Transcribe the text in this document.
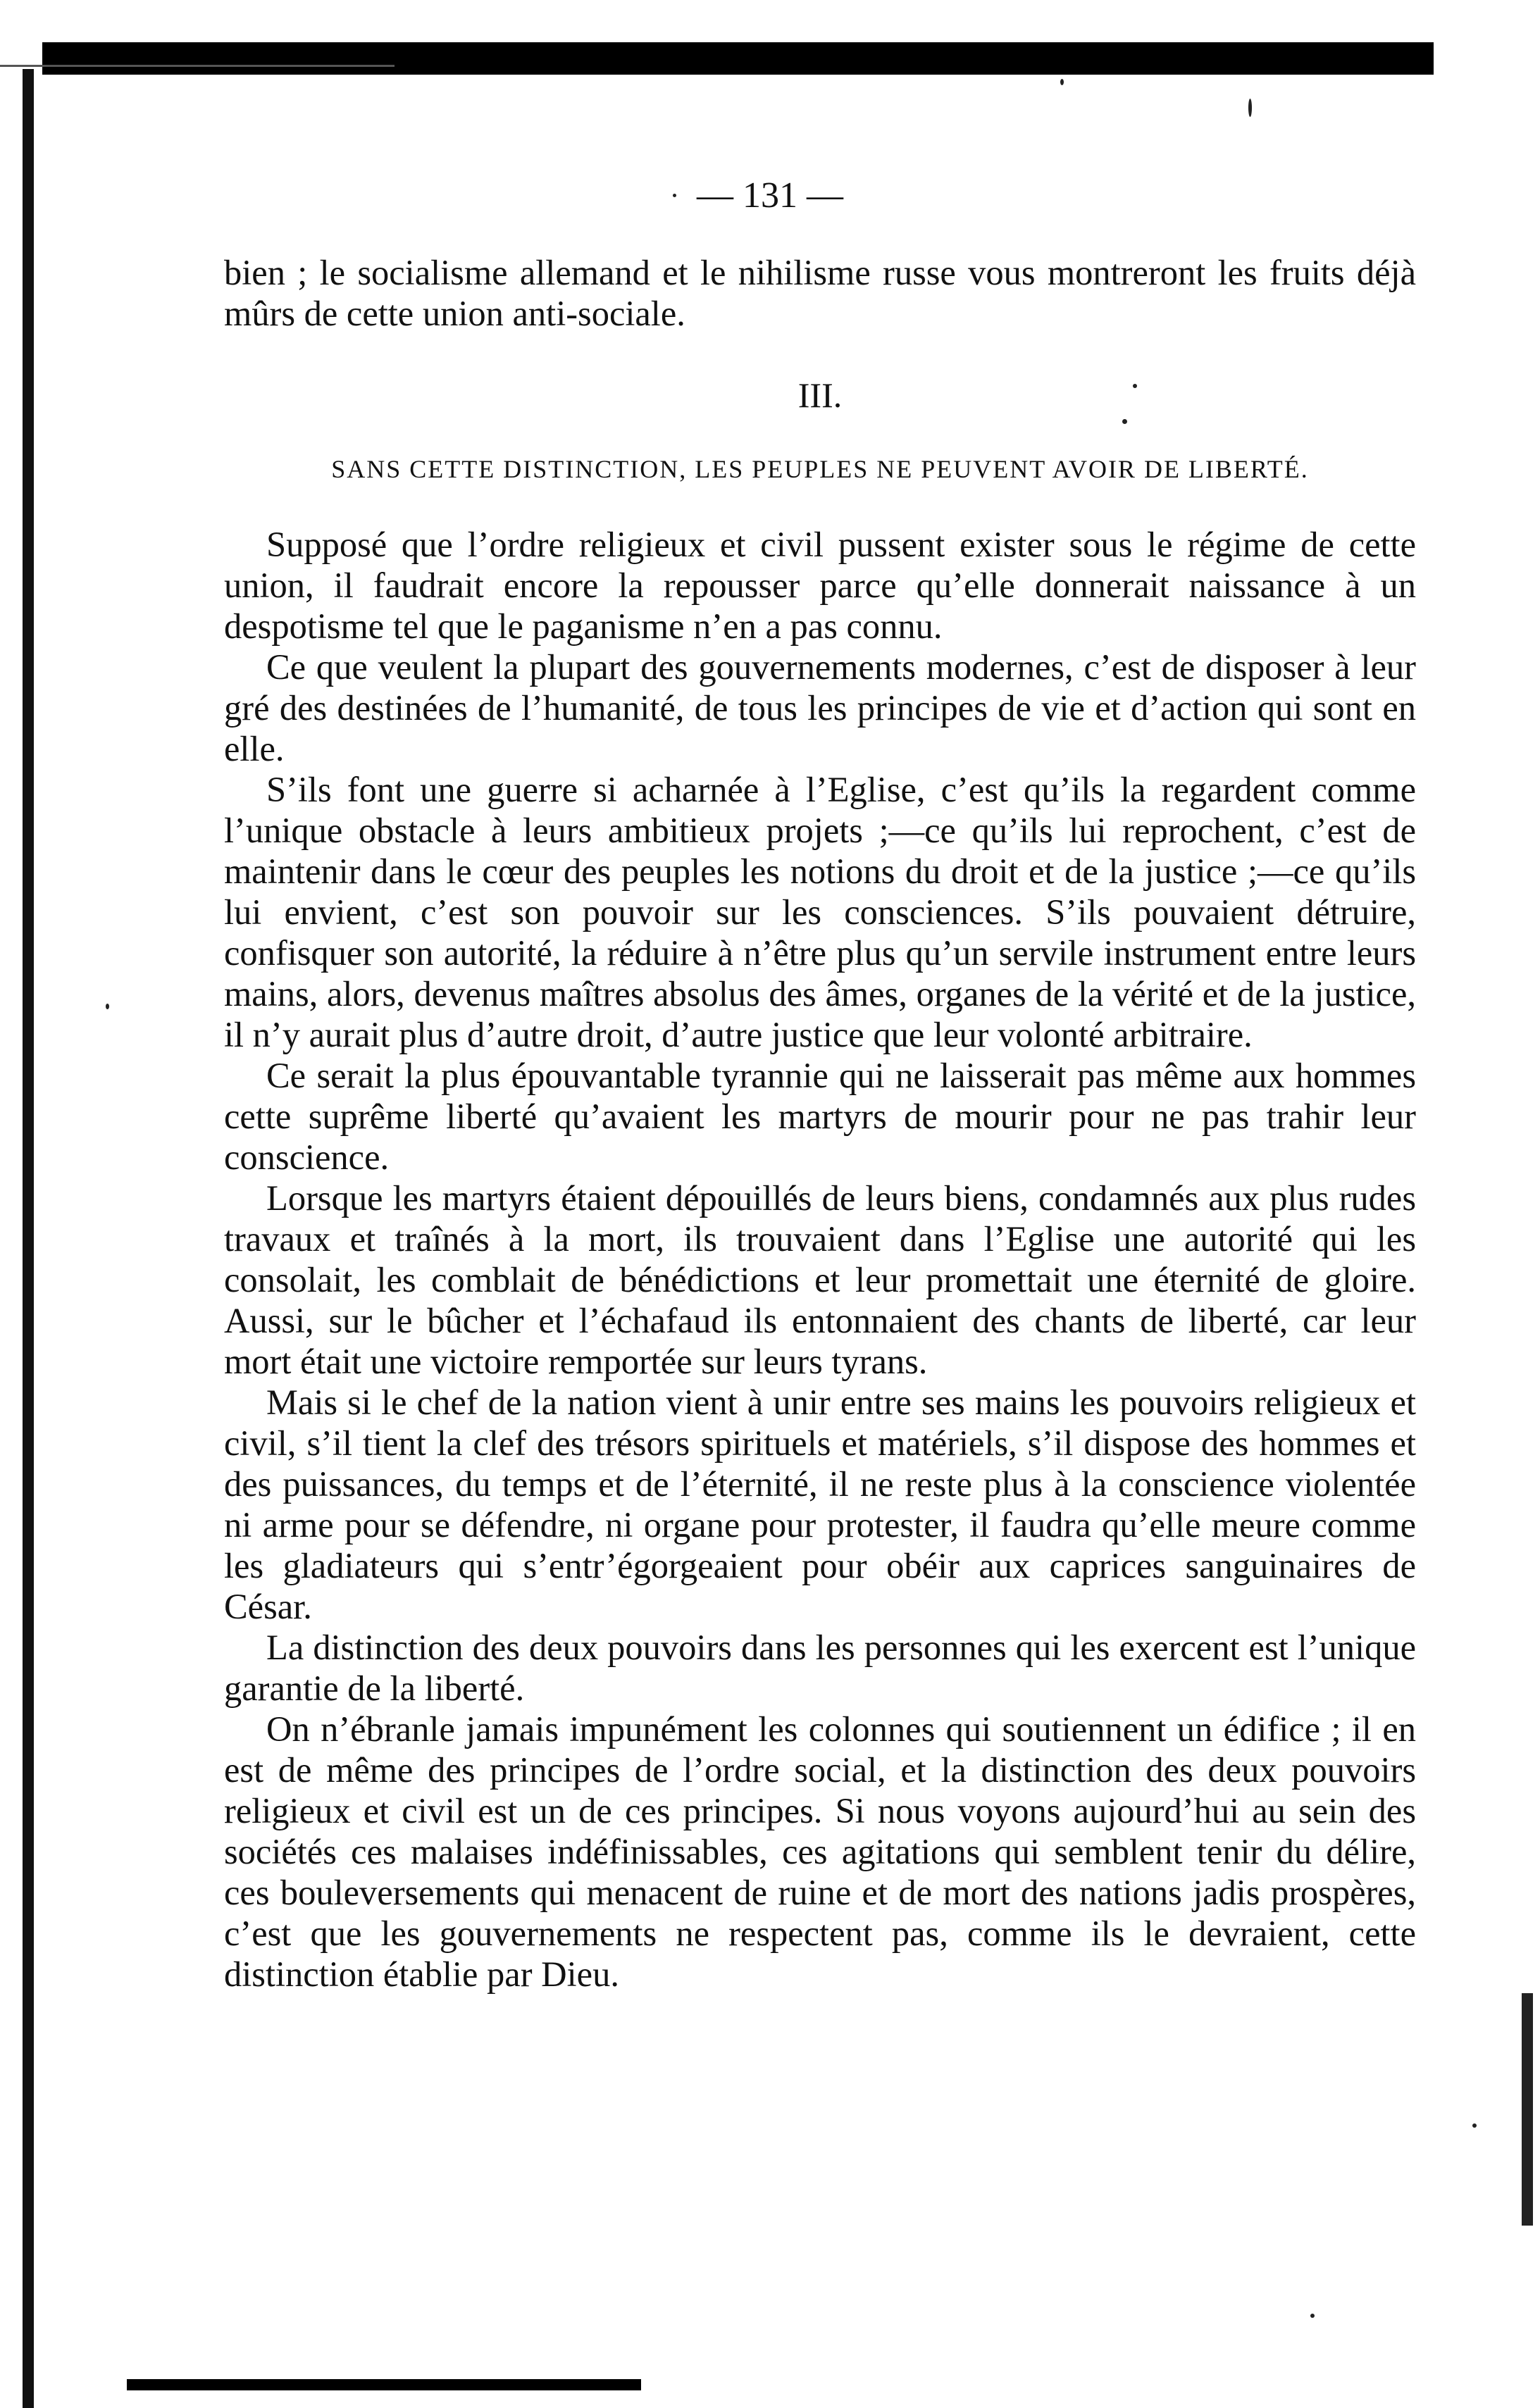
— 131 —

bien ; le socialisme allemand et le nihilisme russe vous montreront les fruits déjà mûrs de cette union anti-sociale.

III.

SANS CETTE DISTINCTION, LES PEUPLES NE PEUVENT AVOIR DE LIBERTÉ.

Supposé que l’ordre religieux et civil pussent exister sous le régime de cette union, il faudrait encore la repousser parce qu’elle donnerait naissance à un despotisme tel que le paganisme n’en a pas connu.

Ce que veulent la plupart des gouvernements modernes, c’est de disposer à leur gré des destinées de l’humanité, de tous les principes de vie et d’action qui sont en elle.

S’ils font une guerre si acharnée à l’Eglise, c’est qu’ils la regardent comme l’unique obstacle à leurs ambitieux projets ;—ce qu’ils lui reprochent, c’est de maintenir dans le cœur des peuples les notions du droit et de la justice ;—ce qu’ils lui envient, c’est son pouvoir sur les consciences. S’ils pouvaient détruire, confisquer son autorité, la réduire à n’être plus qu’un servile instrument entre leurs mains, alors, devenus maîtres absolus des âmes, organes de la vérité et de la justice, il n’y aurait plus d’autre droit, d’autre justice que leur volonté arbitraire.

Ce serait la plus épouvantable tyrannie qui ne laisserait pas même aux hommes cette suprême liberté qu’avaient les martyrs de mourir pour ne pas trahir leur conscience.

Lorsque les martyrs étaient dépouillés de leurs biens, condamnés aux plus rudes travaux et traînés à la mort, ils trouvaient dans l’Eglise une autorité qui les consolait, les comblait de bénédictions et leur promettait une éternité de gloire. Aussi, sur le bûcher et l’échafaud ils entonnaient des chants de liberté, car leur mort était une victoire remportée sur leurs tyrans.

Mais si le chef de la nation vient à unir entre ses mains les pouvoirs religieux et civil, s’il tient la clef des trésors spirituels et matériels, s’il dispose des hommes et des puissances, du temps et de l’éternité, il ne reste plus à la conscience violentée ni arme pour se défendre, ni organe pour protester, il faudra qu’elle meure comme les gladiateurs qui s’entr’égorgeaient pour obéir aux caprices sanguinaires de César.

La distinction des deux pouvoirs dans les personnes qui les exercent est l’unique garantie de la liberté.

On n’ébranle jamais impunément les colonnes qui soutiennent un édifice ; il en est de même des principes de l’ordre social, et la distinction des deux pouvoirs religieux et civil est un de ces principes. Si nous voyons aujourd’hui au sein des sociétés ces malaises indéfinissables, ces agitations qui semblent tenir du délire, ces bouleversements qui menacent de ruine et de mort des nations jadis prospères, c’est que les gouvernements ne respectent pas, comme ils le devraient, cette distinction établie par Dieu.
